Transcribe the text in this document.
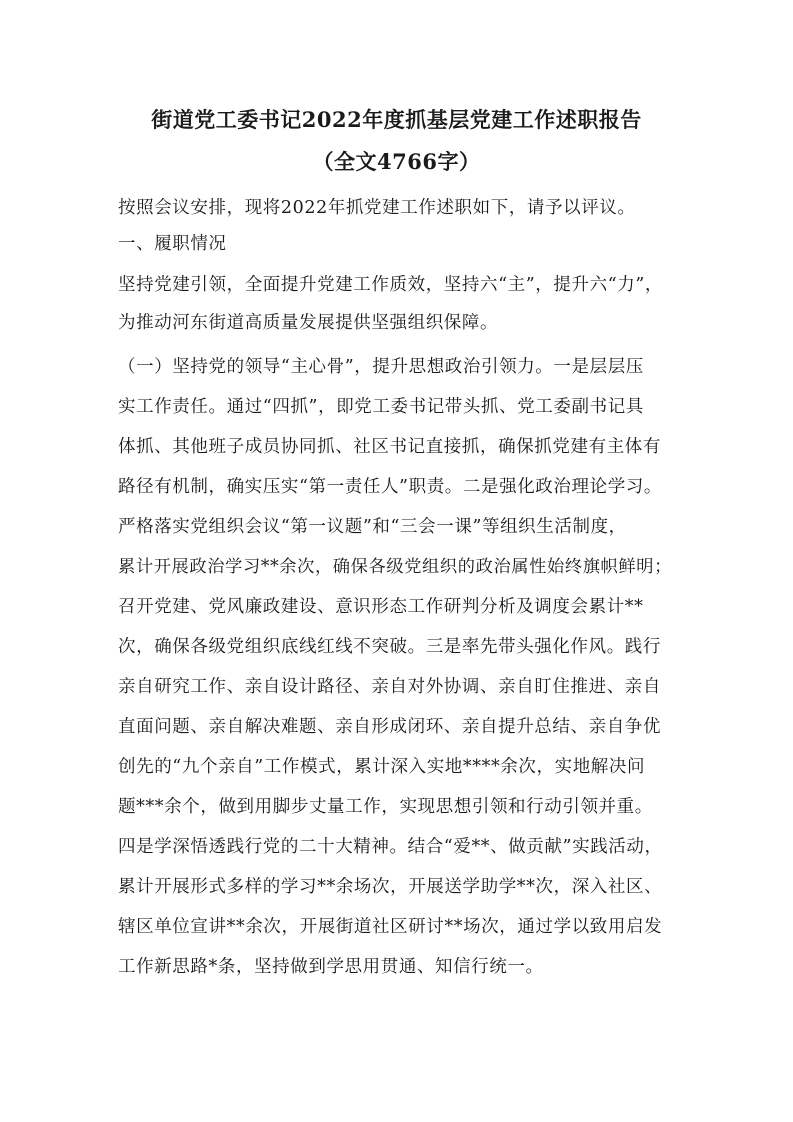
街道党工委书记2022年度抓基层党建工作述职报告
（全文4766字）
按照会议安排，现将2022年抓党建工作述职如下，请予以评议。
一、履职情况
坚持党建引领，全面提升党建工作质效，坚持六“主”，提升六“力”，
为推动河东街道高质量发展提供坚强组织保障。
（一）坚持党的领导“主心骨”，提升思想政治引领力。一是层层压
实工作责任。通过“四抓”，即党工委书记带头抓、党工委副书记具
体抓、其他班子成员协同抓、社区书记直接抓，确保抓党建有主体有
路径有机制，确实压实“第一责任人”职责。二是强化政治理论学习。
严格落实党组织会议“第一议题”和“三会一课”等组织生活制度，
累计开展政治学习**余次，确保各级党组织的政治属性始终旗帜鲜明；
召开党建、党风廉政建设、意识形态工作研判分析及调度会累计**
次，确保各级党组织底线红线不突破。三是率先带头强化作风。践行
亲自研究工作、亲自设计路径、亲自对外协调、亲自盯住推进、亲自
直面问题、亲自解决难题、亲自形成闭环、亲自提升总结、亲自争优
创先的“九个亲自”工作模式，累计深入实地****余次，实地解决问
题***余个，做到用脚步丈量工作，实现思想引领和行动引领并重。
四是学深悟透践行党的二十大精神。结合“爱**、做贡献”实践活动，
累计开展形式多样的学习**余场次，开展送学助学**次，深入社区、
辖区单位宣讲**余次，开展街道社区研讨**场次，通过学以致用启发
工作新思路*条，坚持做到学思用贯通、知信行统一。
